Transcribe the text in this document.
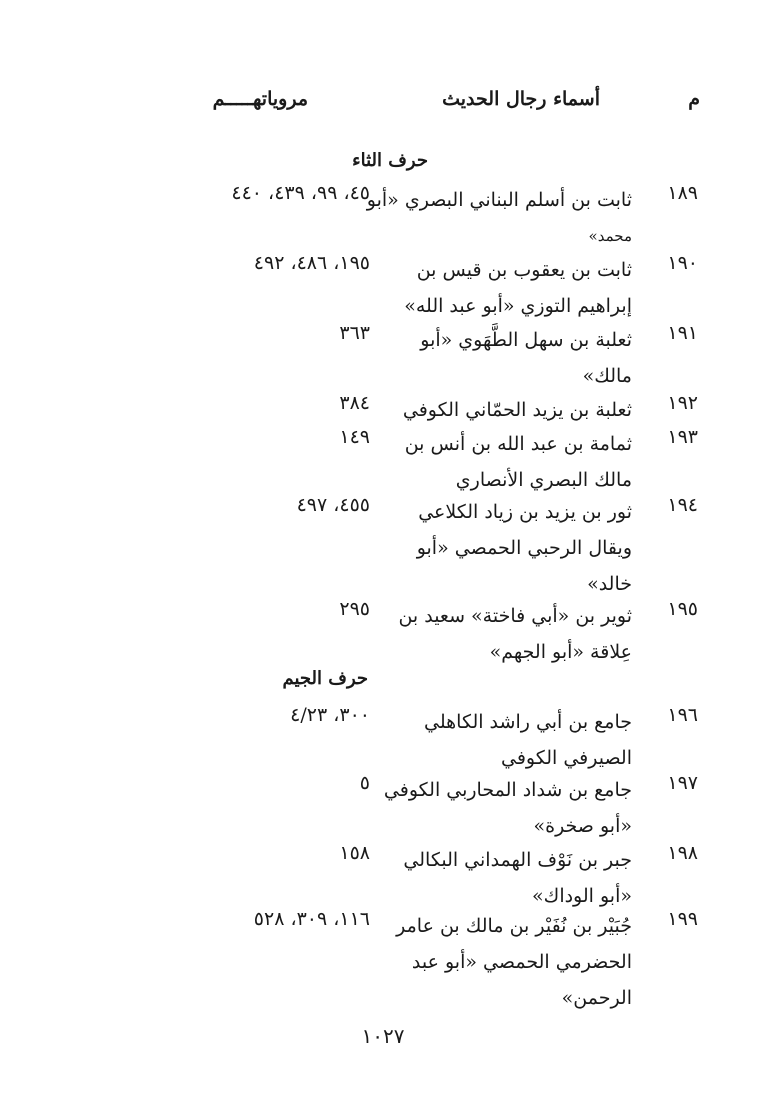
م
أسماء رجال الحديث
مروياتهـــــم
حرف الثاء
١٨٩
ثابت بن أسلم البناني البصري «أبو
محمد»
٤٥، ٩٩، ٤٣٩، ٤٤٠
١٩٠
ثابت بن يعقوب بن قيس بن
إبراهيم التوزي «أبو عبد الله»
١٩٥، ٤٨٦، ٤٩٢
١٩١
ثعلبة بن سهل الطَّهَوي «أبو
مالك»
٣٦٣
١٩٢
ثعلبة بن يزيد الحمّاني الكوفي
٣٨٤
١٩٣
ثمامة بن عبد الله بن أنس بن
مالك البصري الأنصاري
١٤٩
١٩٤
ثور بن يزيد بن زياد الكلاعي
ويقال الرحبي الحمصي «أبو
خالد»
٤٥٥، ٤٩٧
١٩٥
ثوير بن «أبي فاختة» سعيد بن
عِلاقة «أبو الجهم»
٢٩٥
حرف الجيم
١٩٦
جامع بن أبي راشد الكاهلي
الصيرفي الكوفي
٣٠٠، ٤/٢٣
١٩٧
جامع بن شداد المحاربي الكوفي
«أبو صخرة»
٥
١٩٨
جبر بن نَوْف الهمداني البكالي
«أبو الوداك»
١٥٨
١٩٩
جُبَيْر بن نُفَيْر بن مالك بن عامر
الحضرمي الحمصي «أبو عبد
الرحمن»
١١٦، ٣٠٩، ٥٢٨
١٠٢٧
